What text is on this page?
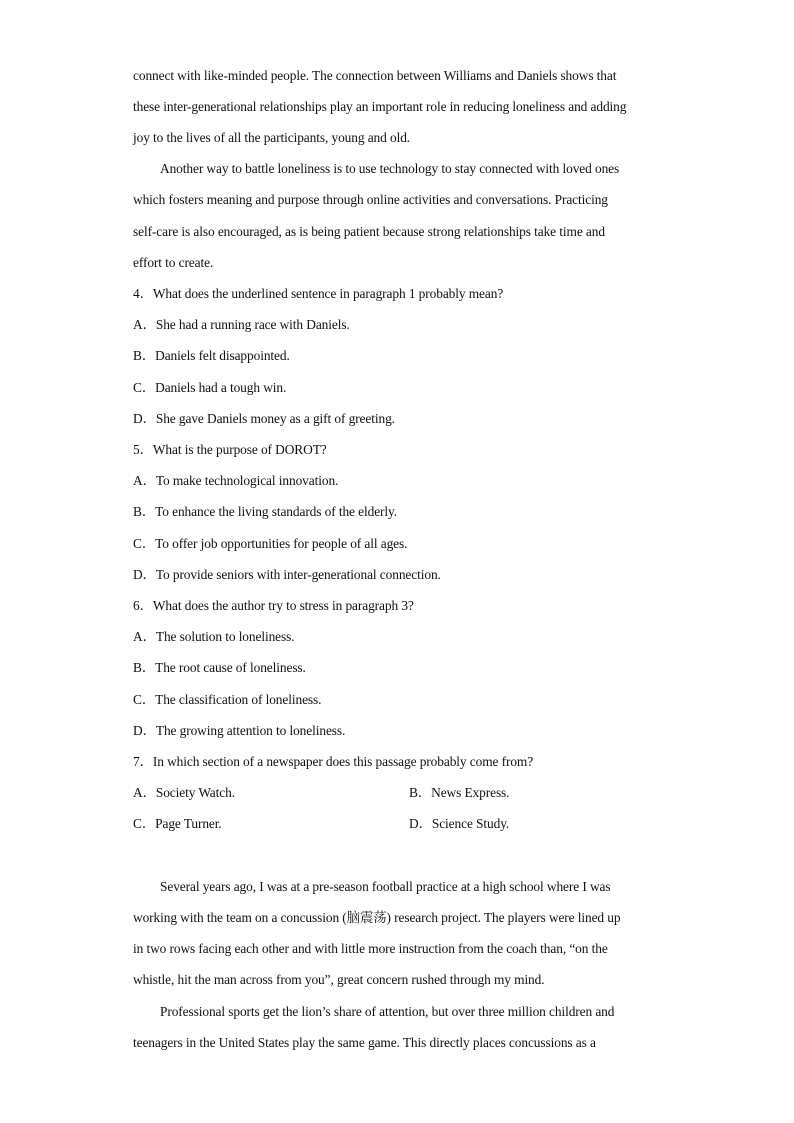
connect with like-minded people. The connection between Williams and Daniels shows that
these inter-generational relationships play an important role in reducing loneliness and adding
joy to the lives of all the participants, young and old.
Another way to battle loneliness is to use technology to stay connected with loved ones
which fosters meaning and purpose through online activities and conversations. Practicing
self-care is also encouraged, as is being patient because strong relationships take time and
effort to create.
4．What does the underlined sentence in paragraph 1 probably mean?
A．She had a running race with Daniels.
B．Daniels felt disappointed.
C．Daniels had a tough win.
D．She gave Daniels money as a gift of greeting.
5．What is the purpose of DOROT?
A．To make technological innovation.
B．To enhance the living standards of the elderly.
C．To offer job opportunities for people of all ages.
D．To provide seniors with inter-generational connection.
6．What does the author try to stress in paragraph 3?
A．The solution to loneliness.
B．The root cause of loneliness.
C．The classification of loneliness.
D．The growing attention to loneliness.
7．In which section of a newspaper does this passage probably come from?
A．Society Watch.	B．News Express.
C．Page Turner.	D．Science Study.
Several years ago, I was at a pre-season football practice at a high school where I was
working with the team on a concussion (脑震荡) research project. The players were lined up
in two rows facing each other and with little more instruction from the coach than, “on the
whistle, hit the man across from you”, great concern rushed through my mind.
Professional sports get the lion’s share of attention, but over three million children and
teenagers in the United States play the same game. This directly places concussions as a
